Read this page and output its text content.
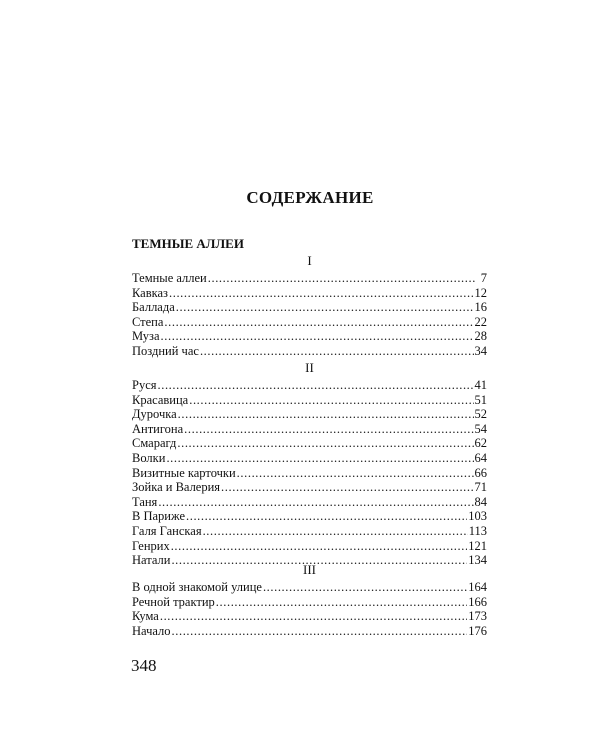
СОДЕРЖАНИЕ
ТЕМНЫЕ АЛЛЕИ
I
Темные аллеи .....	7
Кавказ .....	12
Баллада .....	16
Степа .....	22
Муза .....	28
Поздний час .....	34
II
Руся .....	41
Красавица .....	51
Дурочка .....	52
Антигона .....	54
Смарагд .....	62
Волки .....	64
Визитные карточки .....	66
Зойка и Валерия .....	71
Таня .....	84
В Париже .....	103
Галя Ганская .....	113
Генрих .....	121
Натали .....	134
III
В одной знакомой улице .....	164
Речной трактир .....	166
Кума .....	173
Начало .....	176
348
